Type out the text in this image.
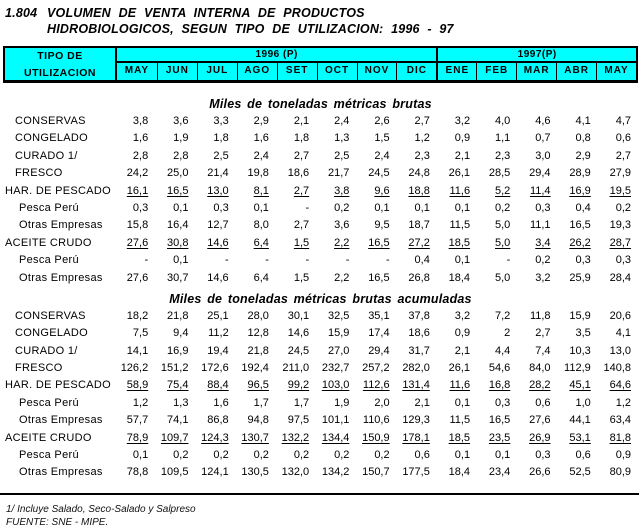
1.804 VOLUMEN DE VENTA INTERNA DE PRODUCTOS
HIDROBIOLOGICOS, SEGUN TIPO DE UTILIZACION: 1996 - 97
TIPO DE
UTILIZACION
1996 (P)	1997(P)
MAY	JUN	JUL	AGO	SET	OCT	NOV	DIC	ENE	FEB	MAR	ABR	MAY
Miles de toneladas métricas brutas
CONSERVAS	3,8	3,6	3,3	2,9	2,1	2,4	2,6	2,7	3,2	4,0	4,6	4,1	4,7
CONGELADO	1,6	1,9	1,8	1,6	1,8	1,3	1,5	1,2	0,9	1,1	0,7	0,8	0,6
CURADO 1/	2,8	2,8	2,5	2,4	2,7	2,5	2,4	2,3	2,1	2,3	3,0	2,9	2,7
FRESCO	24,2	25,0	21,4	19,8	18,6	21,7	24,5	24,8	26,1	28,5	29,4	28,9	27,9
HAR. DE PESCADO	16,1	16,5	13,0	8,1	2,7	3,8	9,6	18,8	11,6	5,2	11,4	16,9	19,5
Pesca Perú	0,3	0,1	0,3	0,1	-	0,2	0,1	0,1	0,1	0,2	0,3	0,4	0,2
Otras Empresas	15,8	16,4	12,7	8,0	2,7	3,6	9,5	18,7	11,5	5,0	11,1	16,5	19,3
ACEITE CRUDO	27,6	30,8	14,6	6,4	1,5	2,2	16,5	27,2	18,5	5,0	3,4	26,2	28,7
Pesca Perú	-	0,1	-	-	-	-	-	0,4	0,1	-	0,2	0,3	0,3
Otras Empresas	27,6	30,7	14,6	6,4	1,5	2,2	16,5	26,8	18,4	5,0	3,2	25,9	28,4
Miles de toneladas métricas brutas acumuladas
CONSERVAS	18,2	21,8	25,1	28,0	30,1	32,5	35,1	37,8	3,2	7,2	11,8	15,9	20,6
CONGELADO	7,5	9,4	11,2	12,8	14,6	15,9	17,4	18,6	0,9	2	2,7	3,5	4,1
CURADO 1/	14,1	16,9	19,4	21,8	24,5	27,0	29,4	31,7	2,1	4,4	7,4	10,3	13,0
FRESCO	126,2	151,2	172,6	192,4	211,0	232,7	257,2	282,0	26,1	54,6	84,0	112,9	140,8
HAR. DE PESCADO	58,9	75,4	88,4	96,5	99,2	103,0	112,6	131,4	11,6	16,8	28,2	45,1	64,6
Pesca Perú	1,2	1,3	1,6	1,7	1,7	1,9	2,0	2,1	0,1	0,3	0,6	1,0	1,2
Otras Empresas	57,7	74,1	86,8	94,8	97,5	101,1	110,6	129,3	11,5	16,5	27,6	44,1	63,4
ACEITE CRUDO	78,9	109,7	124,3	130,7	132,2	134,4	150,9	178,1	18,5	23,5	26,9	53,1	81,8
Pesca Perú	0,1	0,2	0,2	0,2	0,2	0,2	0,2	0,6	0,1	0,1	0,3	0,6	0,9
Otras Empresas	78,8	109,5	124,1	130,5	132,0	134,2	150,7	177,5	18,4	23,4	26,6	52,5	80,9
1/ Incluye Salado, Seco-Salado y Salpreso
FUENTE: SNE - MIPE.
